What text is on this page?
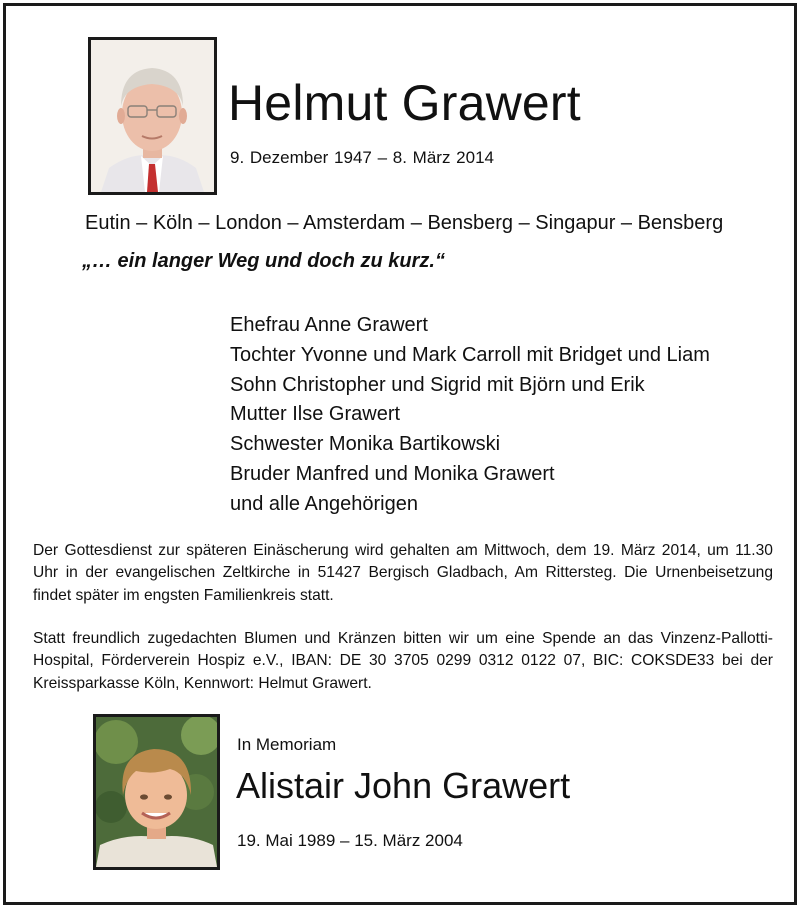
Helmut Grawert
9. Dezember 1947 – 8. März 2014
Eutin – Köln – London – Amsterdam – Bensberg – Singapur – Bensberg
„… ein langer Weg und doch zu kurz.“
Ehefrau Anne Grawert
Tochter Yvonne und Mark Carroll mit Bridget und Liam
Sohn Christopher und Sigrid mit Björn und Erik
Mutter Ilse Grawert
Schwester Monika Bartikowski
Bruder Manfred und Monika Grawert
und alle Angehörigen
Der Gottesdienst zur späteren Einäscherung wird gehalten am Mittwoch, dem 19. März 2014, um 11.30 Uhr in der evangelischen Zeltkirche in 51427 Bergisch Gladbach, Am Rittersteg. Die Urnenbeisetzung findet später im engsten Familienkreis statt.
Statt freundlich zugedachten Blumen und Kränzen bitten wir um eine Spende an das Vinzenz-Pallotti-Hospital, Förderverein Hospiz e.V., IBAN: DE 30 3705 0299 0312 0122 07, BIC: COKSDE33 bei der Kreissparkasse Köln, Kennwort: Helmut Grawert.
In Memoriam
Alistair John Grawert
19. Mai 1989 – 15. März 2004
